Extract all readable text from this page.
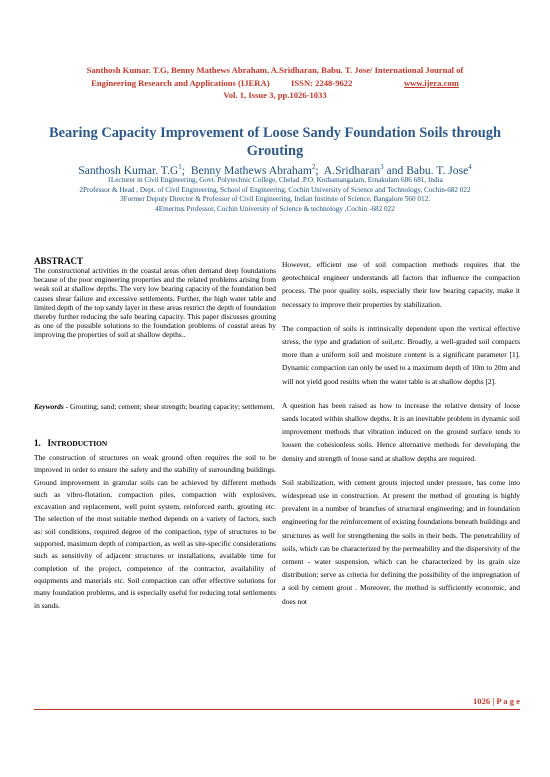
Santhosh Kumar. T.G, Benny Mathews Abraham, A.Sridharan, Babu. T. Jose/ International Journal of
Engineering Research and Applications (IJERA) ISSN: 2248-9622	www.ijera.com
Vol. 1, Issue 3, pp.1026-1033
Bearing Capacity Improvement of Loose Sandy Foundation Soils through Grouting
Santhosh Kumar. $T.G^1$;  Benny Mathews Abraham$^2$;  A.Sridharan$^3$ and Babu. T. Jose$^4$
1Lecturer in Civil Engineering, Govt. Polytechnic College, Chelad .P.O. Kothamangalam, Ernakulam 686 681, India
2Professor & Head , Dept. of Civil Engineering, School of Engineering, Cochin University of Science and Technology, Cochin-682 022
3Former Deputy Director & Professor of Civil Engineering, Indian Institute of Science, Bangalore 560 012.
4Emeritus Professor, Cochin University of Science & technology ,Cochin -682 022
ABSTRACT

The constructional activities in the coastal areas often demand deep foundations because of the poor engineering properties and the related problems arising from weak soil at shallow depths. The very low bearing capacity of the foundation bed causes shear failure and excessive settlements. Further, the high water table and limited depth of the top sandy layer in these areas restrict the depth of foundation thereby further reducing the safe bearing capacity. This paper discusses grouting as one of the possible solutions to the foundation problems of coastal areas by improving the properties of soil at shallow depths..

Keywords - Grouting; sand; cement; shear strength; bearing capacity; settlement.

1. INTRODUCTION

The construction of structures on weak ground often requires the soil to be improved in order to ensure the safety and the stability of surrounding buildings. Ground improvement in granular soils can be achieved by different methods such as vibro-flotation, compaction piles, compaction with explosives, excavation and replacement, well point system, reinforced earth, grouting etc. The selection of the most suitable method depends on a variety of factors, such as: soil conditions, required degree of the compaction, type of structures to be supported, maximum depth of compaction, as well as site-specific considerations such as sensitivity of adjacent structures or installations, available time for completion of the project, competence of the contractor, availability of equipments and materials etc. Soil compaction can offer effective solutions for many foundation problems, and is especially useful for reducing total settlements in sands.

However, efficient use of soil compaction methods requires that the geotechnical engineer understands all factors that influence the compaction process. The poor quality soils, especially their low bearing capacity, make it necessary to improve their properties by stabilization.

The compaction of soils is intrinsically dependent upon the vertical effective stress, the type and gradation of soil,etc. Broadly, a well-graded soil compacts more than a uniform soil and moisture content is a significant parameter [1]. Dynamic compaction can only be used to a maximum depth of 10m to 20m and will not yield good results when the water table is at shallow depths [2].

A question has been raised as how to increase the relative density of loose sands located within shallow depths. It is an inevitable problem in dynamic soil improvement methods that vibration induced on the ground surface tends to loosen the cohesionless soils. Hence alternative methods for developing the density and strength of loose sand at shallow depths are required.

Soil stabilization, with cement grouts injected under pressure, has come into widespread use in construction. At present the method of grouting is highly prevalent in a number of branches of structural engineering; and in foundation engineering for the reinforcement of existing foundations beneath buildings and structures as well for strengthening the soils in their beds. The penetrability of soils, which can be characterized by the permeability and the dispersivity of the cement - water suspension, which can be characterized by its grain size distribution; serve as criteria for defining the possibility of the impregnation of a soil by cement grout . Moreover, the method is sufficiently economic, and does not

1026 | P a g e
